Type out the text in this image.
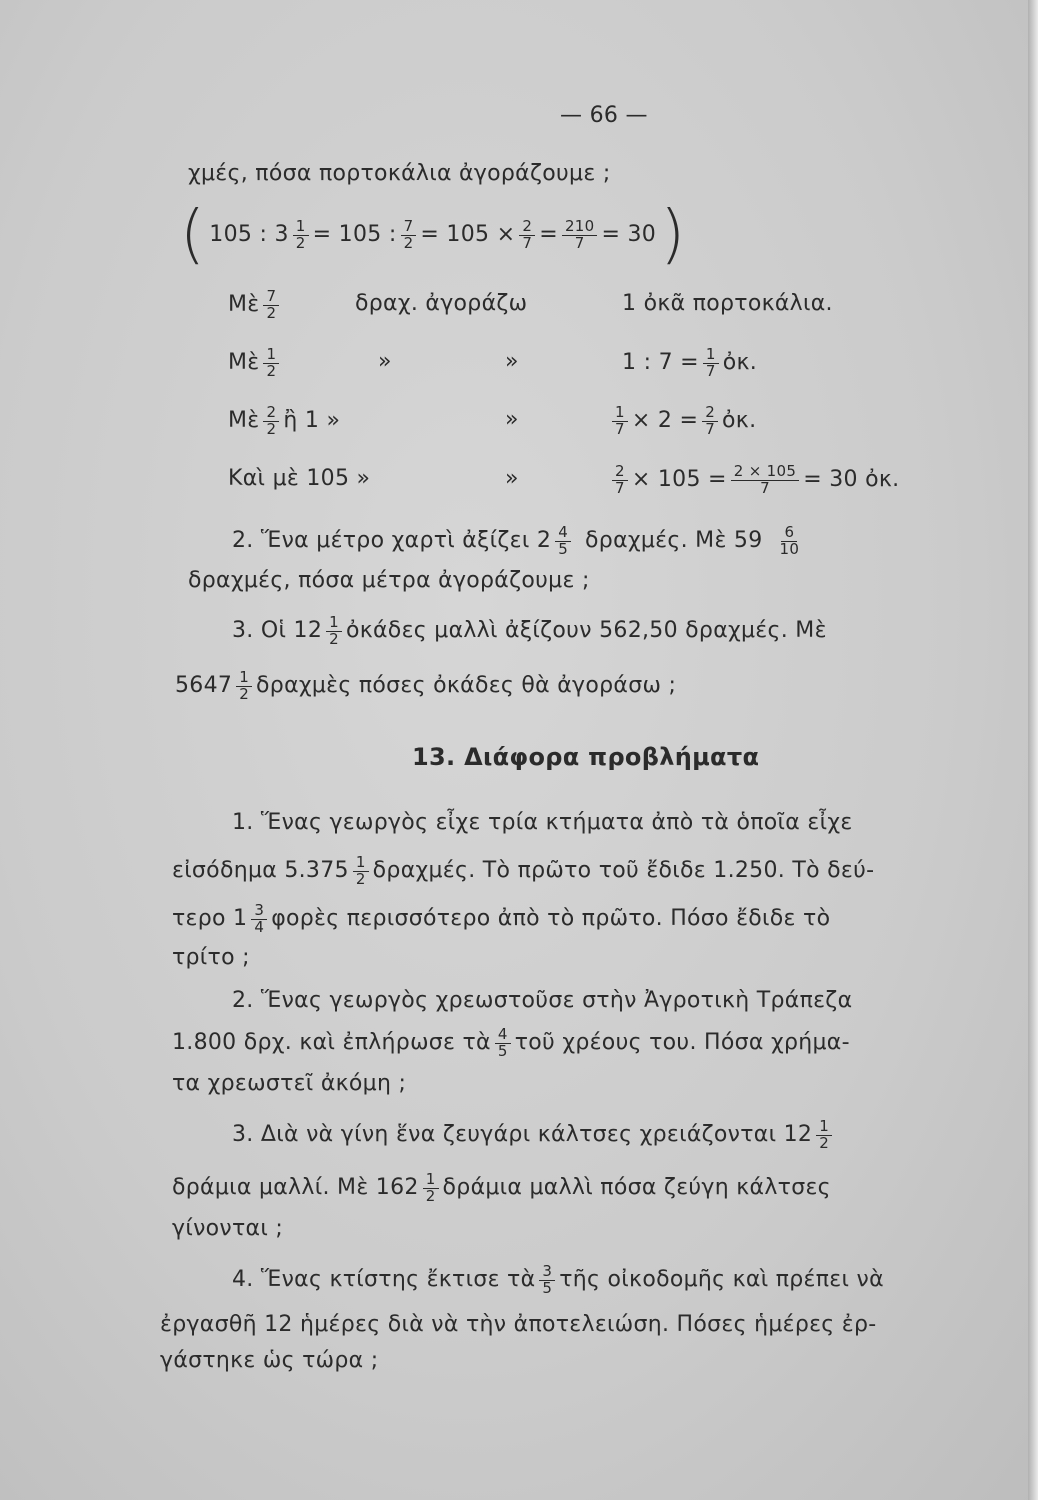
— 66 —
χμές, πόσα πορτοκάλια ἀγοράζουμε ;
( 105 : $3 \frac{1}{2} = 105$ : $\frac{7}{2} = 105 \times \frac{2}{7} = \frac{210}{7} = 30$ )
Μὲ $\frac{7}{2}$	δραχ. ἀγοράζω	1 ὀκᾶ πορτοκάλια.
Μὲ $\frac{1}{2}$	»	»	1 : $7 = \frac{1}{7}$ ὀκ.
Μὲ $\frac{2}{2}$ ἢ 1 »	»	$\frac{1}{7} \times 2 = \frac{2}{7}$ ὀκ.
Καὶ μὲ 105 »	»	$\frac{2}{7} \times 105 = \frac{2 \times 105}{7} = 30$ ὀκ.
2. Ἕνα μέτρο χαρτὶ ἀξίζει $2 \frac{4}{5} \delta\rho\alpha\chi\mu έ\varsigma$. Μὲ $59 \frac{6}{10}$
δραχμές, πόσα μέτρα ἀγοράζουμε ;
3. Οἱ $12 \frac{1}{2}$ ὀκάδες μαλλὶ ἀξίζουν 562,50 δραχμές. Μὲ
$5647 \frac{1}{2}$ δραχμὲς πόσες ὀκάδες θὰ ἀγοράσω ;
13. Διάφορα προβλήματα
1. Ἕνας γεωργὸς εἶχε τρία κτήματα ἀπὸ τὰ ὁποῖα εἶχε
εἰσόδημα $5.375 \frac{1}{2} \delta\rho\alpha\chi\mu έ\varsigma$. Τὸ πρῶτο τοῦ ἔδιδε 1.250. Τὸ δεύ-
τερο $1 \frac{3}{4}$ φορὲς περισσότερο ἀπὸ τὸ πρῶτο. Πόσο ἔδιδε τὸ
τρίτο ;
2. Ἕνας γεωργὸς χρεωστοῦσε στὴν Ἀγροτικὴ Τράπεζα
1.800 δρχ. καὶ ἐπλήρωσε τὰ $\frac{4}{5}$ τοῦ χρέους του. Πόσα χρήμα-
τα χρεωστεῖ ἀκόμη ;
3. Διὰ νὰ γίνη ἕνα ζευγάρι κάλτσες χρειάζονται $12 \frac{1}{2}$
δράμια μαλλί. Μὲ $162 \frac{1}{2}$ δράμια μαλλὶ πόσα ζεύγη κάλτσες
γίνονται ;
4. Ἕνας κτίστης ἔκτισε τὰ $\frac{3}{5}$ τῆς οἰκοδομῆς καὶ πρέπει νὰ
ἐργασθῆ 12 ἡμέρες διὰ νὰ τὴν ἀποτελειώση. Πόσες ἡμέρες ἐρ-
γάστηκε ὡς τώρα ;
